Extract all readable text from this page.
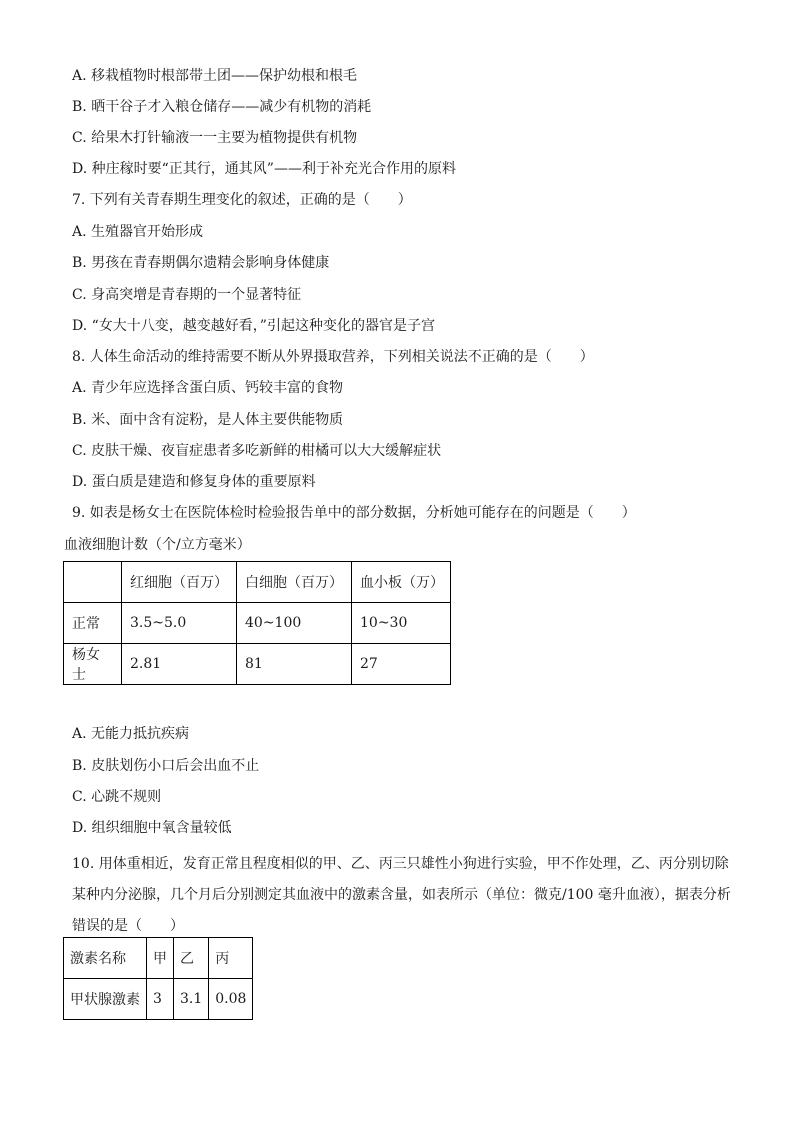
A. 移栽植物时根部带土团——保护幼根和根毛
B. 晒干谷子才入粮仓储存——减少有机物的消耗
C. 给果木打针输液一一主要为植物提供有机物
D. 种庄稼时要“正其行，通其风”——利于补充光合作用的原料
7. 下列有关青春期生理变化的叙述，正确的是（　　）
A. 生殖器官开始形成
B. 男孩在青春期偶尔遗精会影响身体健康
C. 身高突增是青春期的一个显著特征
D. “女大十八变，越变越好看，”引起这种变化的器官是子宫
8. 人体生命活动的维持需要不断从外界摄取营养，下列相关说法不正确的是（　　）
A. 青少年应选择含蛋白质、钙较丰富的食物
B. 米、面中含有淀粉，是人体主要供能物质
C. 皮肤干燥、夜盲症患者多吃新鲜的柑橘可以大大缓解症状
D. 蛋白质是建造和修复身体的重要原料
9. 如表是杨女士在医院体检时检验报告单中的部分数据，分析她可能存在的问题是（　　）
血液细胞计数（个/立方毫米）
	红细胞（百万）	白细胞（百万）	血小板（万）
正常	3.5~5.0	40~100	10~30
杨女士	2.81	81	27
A. 无能力抵抗疾病
B. 皮肤划伤小口后会出血不止
C. 心跳不规则
D. 组织细胞中氧含量较低
10. 用体重相近，发育正常且程度相似的甲、乙、丙三只雄性小狗进行实验，甲不作处理，乙、丙分别切除某种内分泌腺，几个月后分别测定其血液中的激素含量，如表所示（单位：微克/100 毫升血液），据表分析错误的是（　　）
激素名称	甲	乙	丙
甲状腺激素	3	3.1	0.08
